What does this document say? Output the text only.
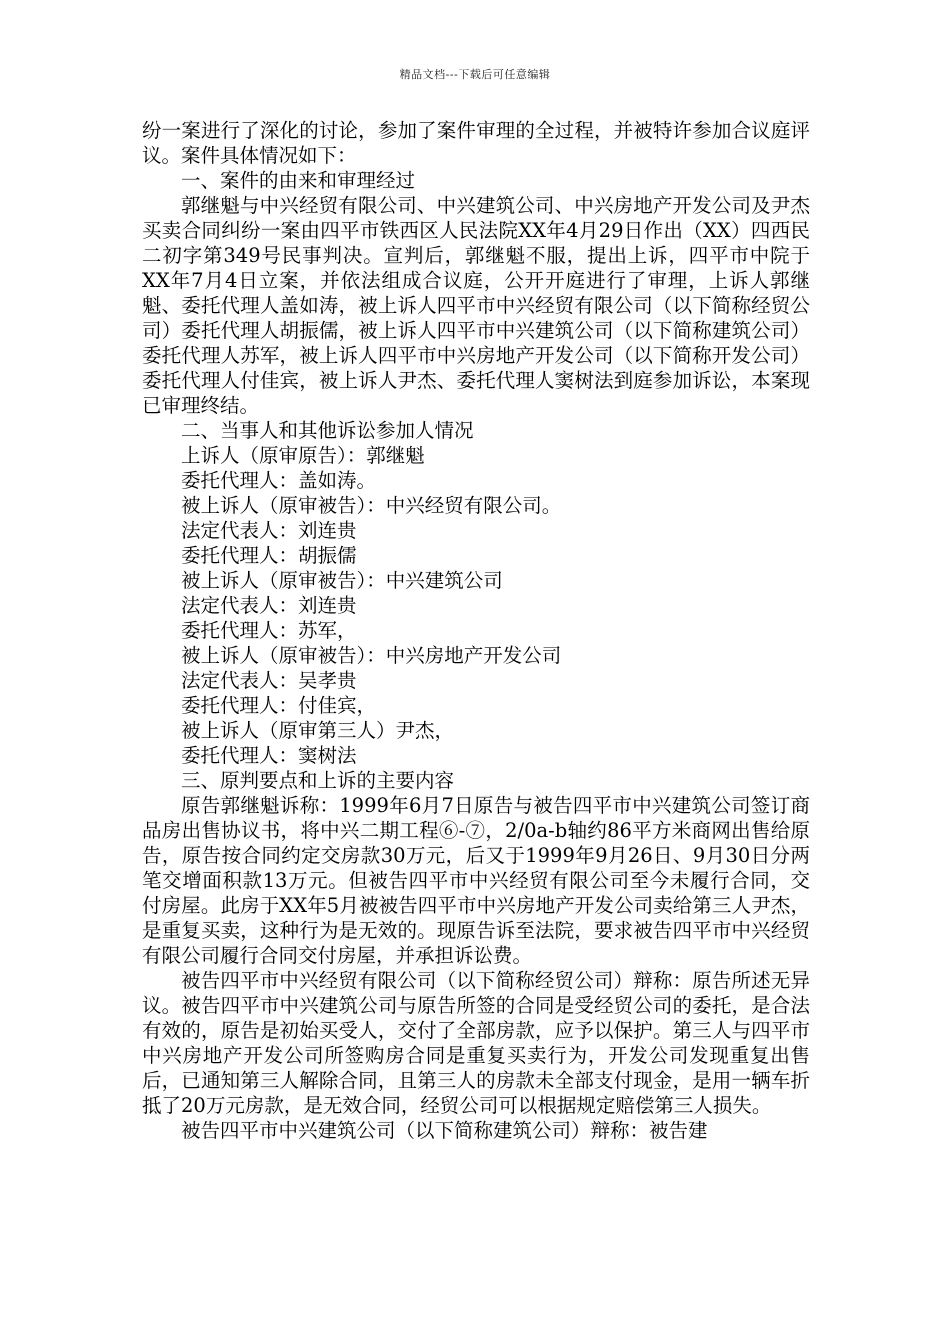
精品文档---下载后可任意编辑

纷一案进行了深化的讨论，参加了案件审理的全过程，并被特许参加合议庭评议。案件具体情况如下：

一、案件的由来和审理经过

郭继魁与中兴经贸有限公司、中兴建筑公司、中兴房地产开发公司及尹杰买卖合同纠纷一案由四平市铁西区人民法院XX年4月29日作出（XX）四西民二初字第349号民事判决。宣判后，郭继魁不服，提出上诉，四平市中院于XX年7月4日立案，并依法组成合议庭，公开开庭进行了审理，上诉人郭继魁、委托代理人盖如涛，被上诉人四平市中兴经贸有限公司（以下简称经贸公司）委托代理人胡振儒，被上诉人四平市中兴建筑公司（以下简称建筑公司）委托代理人苏军，被上诉人四平市中兴房地产开发公司（以下简称开发公司）委托代理人付佳宾，被上诉人尹杰、委托代理人窦树法到庭参加诉讼，本案现已审理终结。

二、当事人和其他诉讼参加人情况

上诉人（原审原告）：郭继魁

委托代理人：盖如涛。

被上诉人（原审被告）：中兴经贸有限公司。

法定代表人：刘连贵

委托代理人：胡振儒

被上诉人（原审被告）：中兴建筑公司

法定代表人：刘连贵

委托代理人：苏军，

被上诉人（原审被告）：中兴房地产开发公司

法定代表人：吴孝贵

委托代理人：付佳宾，

被上诉人（原审第三人）尹杰，

委托代理人：窦树法

三、原判要点和上诉的主要内容

原告郭继魁诉称：1999年6月7日原告与被告四平市中兴建筑公司签订商品房出售协议书，将中兴二期工程⑥-⑦，2/0a-b轴约86平方米商网出售给原告，原告按合同约定交房款30万元，后又于1999年9月26日、9月30日分两笔交增面积款13万元。但被告四平市中兴经贸有限公司至今未履行合同，交付房屋。此房于XX年5月被被告四平市中兴房地产开发公司卖给第三人尹杰，是重复买卖，这种行为是无效的。现原告诉至法院，要求被告四平市中兴经贸有限公司履行合同交付房屋，并承担诉讼费。

被告四平市中兴经贸有限公司（以下简称经贸公司）辩称：原告所述无异议。被告四平市中兴建筑公司与原告所签的合同是受经贸公司的委托，是合法有效的，原告是初始买受人，交付了全部房款，应予以保护。第三人与四平市中兴房地产开发公司所签购房合同是重复买卖行为，开发公司发现重复出售后，已通知第三人解除合同，且第三人的房款未全部支付现金，是用一辆车折抵了20万元房款，是无效合同，经贸公司可以根据规定赔偿第三人损失。

被告四平市中兴建筑公司（以下简称建筑公司）辩称：被告建
